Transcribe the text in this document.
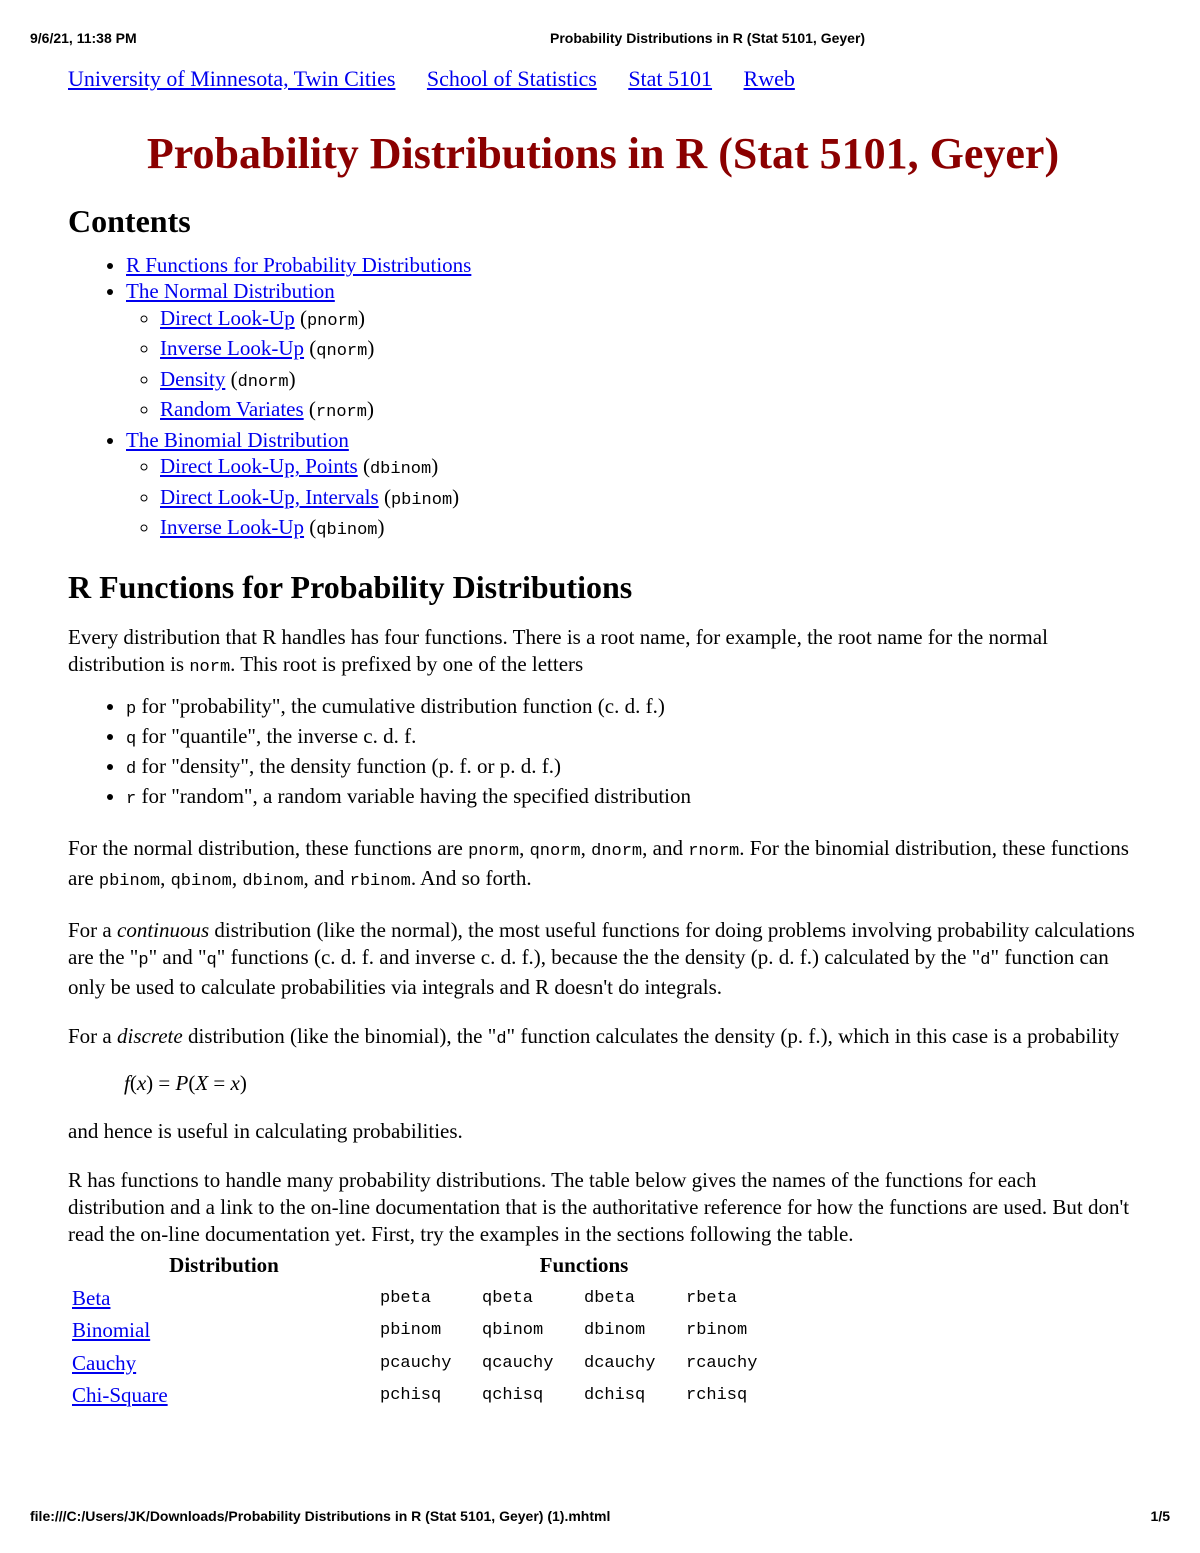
9/6/21, 11:38 PM	Probability Distributions in R (Stat 5101, Geyer)
University of Minnesota, Twin Cities School of Statistics Stat 5101 Rweb
Probability Distributions in R (Stat 5101, Geyer)
Contents
• R Functions for Probability Distributions
• The Normal Distribution
◦ Direct Look-Up (pnorm)
◦ Inverse Look-Up (qnorm)
◦ Density (dnorm)
◦ Random Variates (rnorm)
• The Binomial Distribution
◦ Direct Look-Up, Points (dbinom)
◦ Direct Look-Up, Intervals (pbinom)
◦ Inverse Look-Up (qbinom)
R Functions for Probability Distributions

Every distribution that R handles has four functions. There is a root name, for example, the root name for the normal distribution is norm. This root is prefixed by one of the letters

• p for "probability", the cumulative distribution function (c. d. f.)
• q for "quantile", the inverse c. d. f.
• d for "density", the density function (p. f. or p. d. f.)
• r for "random", a random variable having the specified distribution

For the normal distribution, these functions are pnorm, qnorm, dnorm, and rnorm. For the binomial distribution, these functions are pbinom, qbinom, dbinom, and rbinom. And so forth.

For a continuous distribution (like the normal), the most useful functions for doing problems involving probability calculations are the "p" and "q" functions (c. d. f. and inverse c. d. f.), because the the density (p. d. f.) calculated by the "d" function can only be used to calculate probabilities via integrals and R doesn't do integrals.

For a discrete distribution (like the binomial), the "d" function calculates the density (p. f.), which in this case is a probability

f(x) = P(X = x)

and hence is useful in calculating probabilities.

R has functions to handle many probability distributions. The table below gives the names of the functions for each distribution and a link to the on-line documentation that is the authoritative reference for how the functions are used. But don't read the on-line documentation yet. First, try the examples in the sections following the table.

Distribution	Functions			
Beta	pbeta	qbeta	dbeta	rbeta
Binomial	pbinom	qbinom	dbinom	rbinom
Cauchy	pcauchy	qcauchy	dcauchy	rcauchy
Chi-Square	pchisq	qchisq	dchisq	rchisq
file:///C:/Users/JK/Downloads/Probability Distributions in R (Stat 5101, Geyer) (1).mhtml	1/5
